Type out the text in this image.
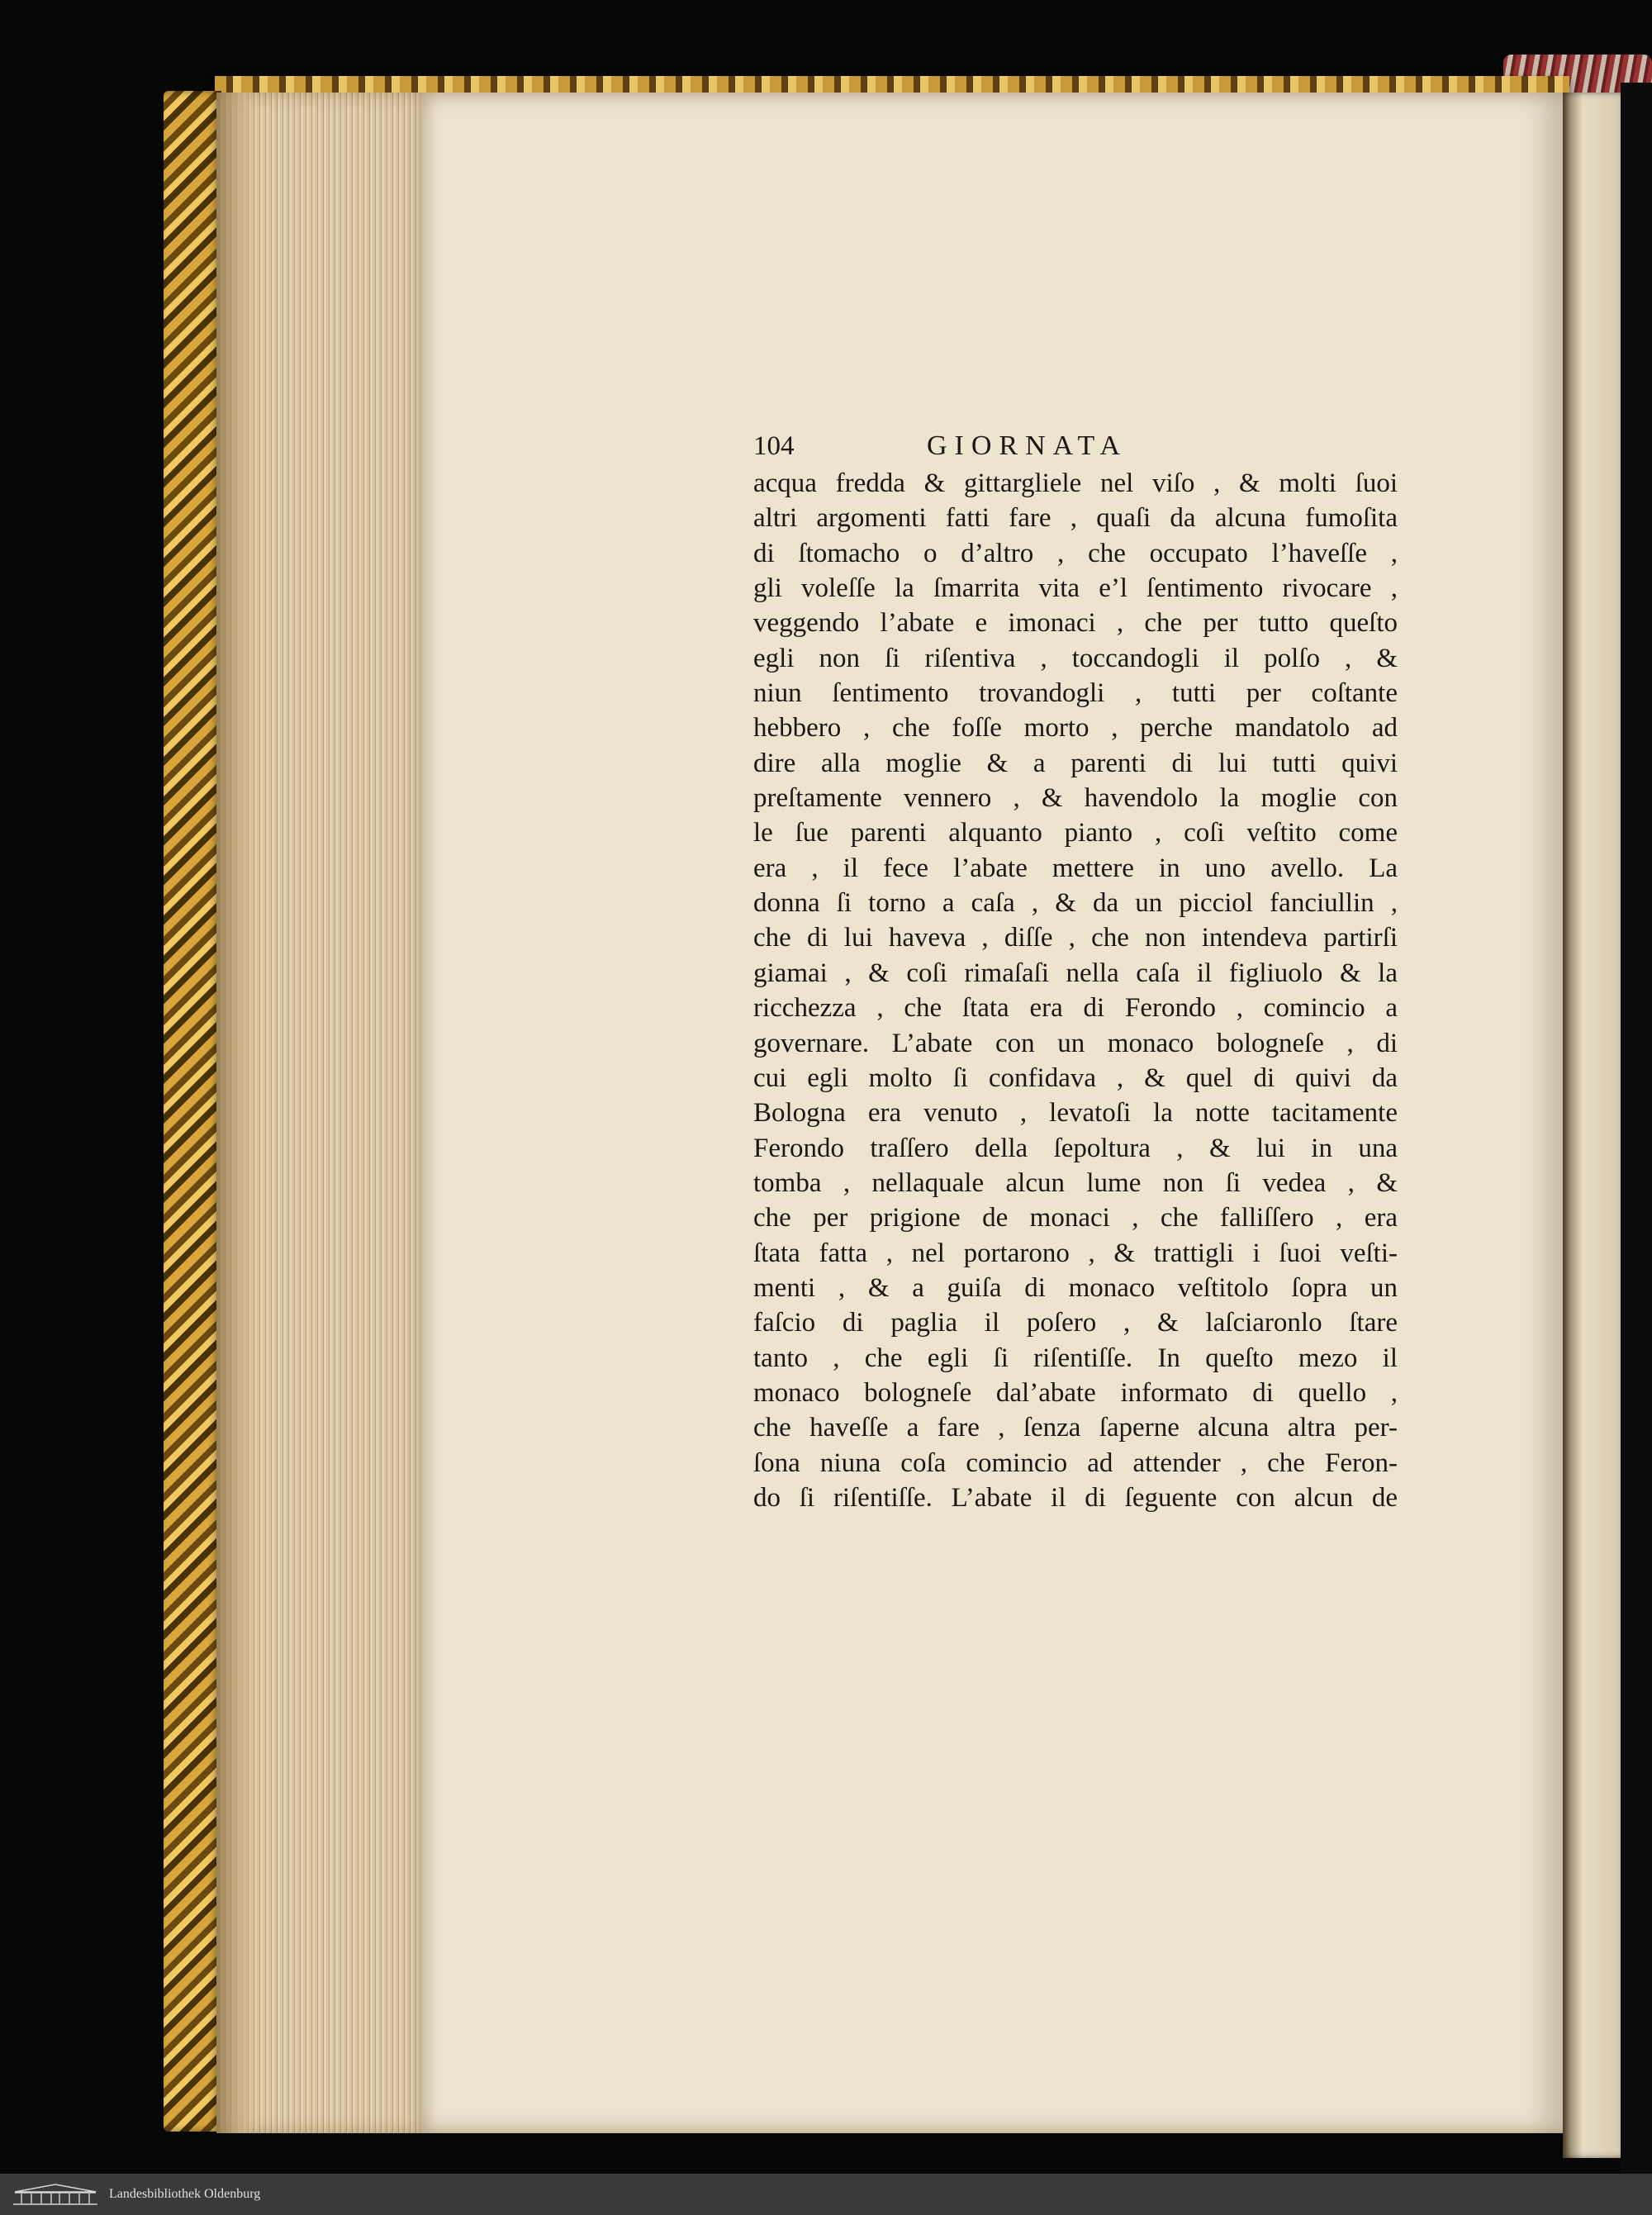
104	GIORNATA
acqua fredda & gittargliele nel viſo , & molti ſuoi
altri argomenti fatti fare , quaſi da alcuna fumoſita
di ſtomacho o d’altro , che occupato l’haveſſe ,
gli voleſſe la ſmarrita vita e’l ſentimento rivocare ,
veggendo l’abate e imonaci , che per tutto queſto
egli non ſi riſentiva , toccandogli il polſo , &
niun ſentimento trovandogli , tutti per coſtante
hebbero , che foſſe morto , perche mandatolo ad
dire alla moglie & a parenti di lui tutti quivi
preſtamente vennero , & havendolo la moglie con
le ſue parenti alquanto pianto , coſi veſtito come
era , il fece l’abate mettere in uno avello. La
donna ſi torno a caſa , & da un picciol fanciullin ,
che di lui haveva , diſſe , che non intendeva partirſi
giamai , & coſi rimaſaſi nella caſa il figliuolo & la
ricchezza , che ſtata era di Ferondo , comincio a
governare. L’abate con un monaco bologneſe , di
cui egli molto ſi confidava , & quel di quivi da
Bologna era venuto , levatoſi la notte tacitamente
Ferondo traſſero della ſepoltura , & lui in una
tomba , nellaquale alcun lume non ſi vedea , &
che per prigione de monaci , che falliſſero , era
ſtata fatta , nel portarono , & trattigli i ſuoi veſti-
menti , & a guiſa di monaco veſtitolo ſopra un
faſcio di paglia il poſero , & laſciaronlo ſtare
tanto , che egli ſi riſentiſſe. In queſto mezo il
monaco bologneſe dal’abate informato di quello ,
che haveſſe a fare , ſenza ſaperne alcuna altra per-
ſona niuna coſa comincio ad attender , che Feron-
do ſi riſentiſſe. L’abate il di ſeguente con alcun de
Landesbibliothek Oldenburg
